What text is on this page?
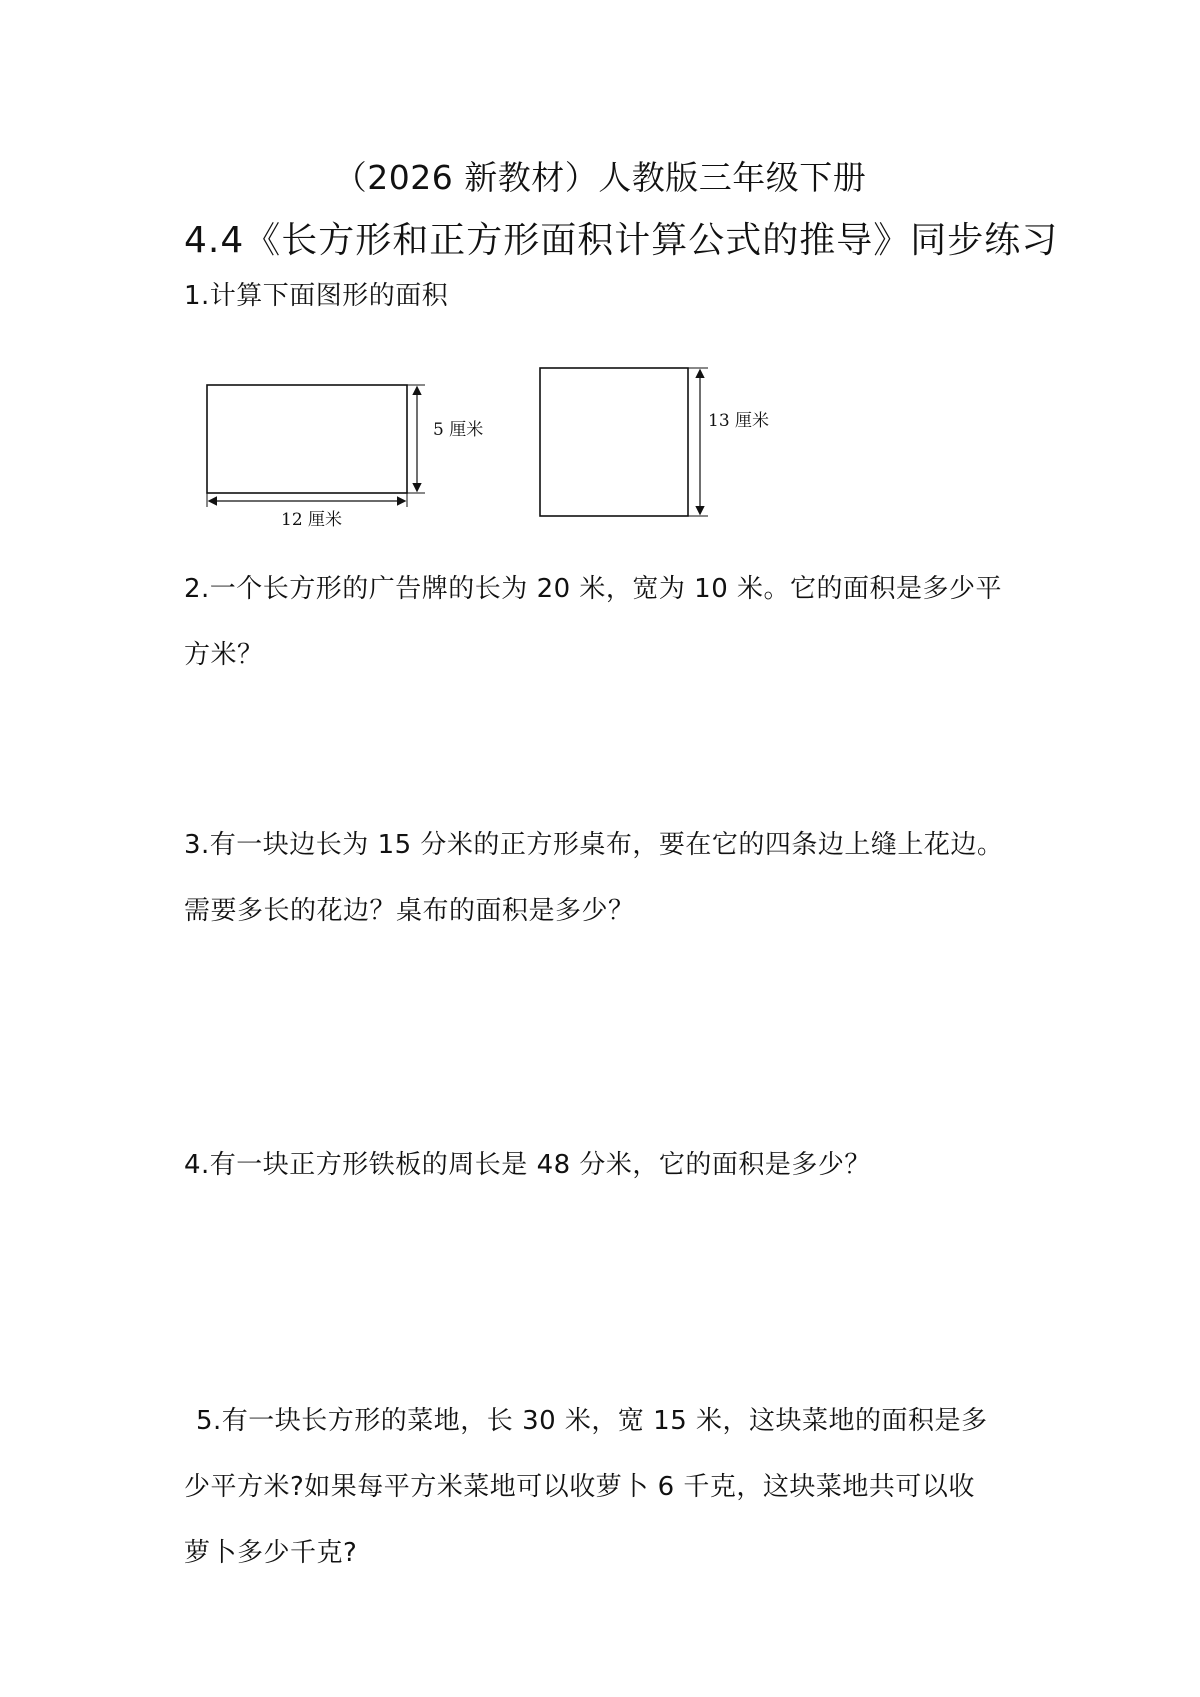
（2026 新教材）人教版三年级下册
4.4《长方形和正方形面积计算公式的推导》同步练习

1.计算下面图形的面积

5 厘米
12 厘米
13 厘米

2.一个长方形的广告牌的长为 20 米，宽为 10 米。它的面积是多少平

方米？

3.有一块边长为 15 分米的正方形桌布，要在它的四条边上缝上花边。

需要多长的花边？桌布的面积是多少？

4.有一块正方形铁板的周长是 48 分米，它的面积是多少？

5.有一块长方形的菜地，长 30 米，宽 15 米，这块菜地的面积是多

少平方米?如果每平方米菜地可以收萝卜 6 千克，这块菜地共可以收

萝卜多少千克?
